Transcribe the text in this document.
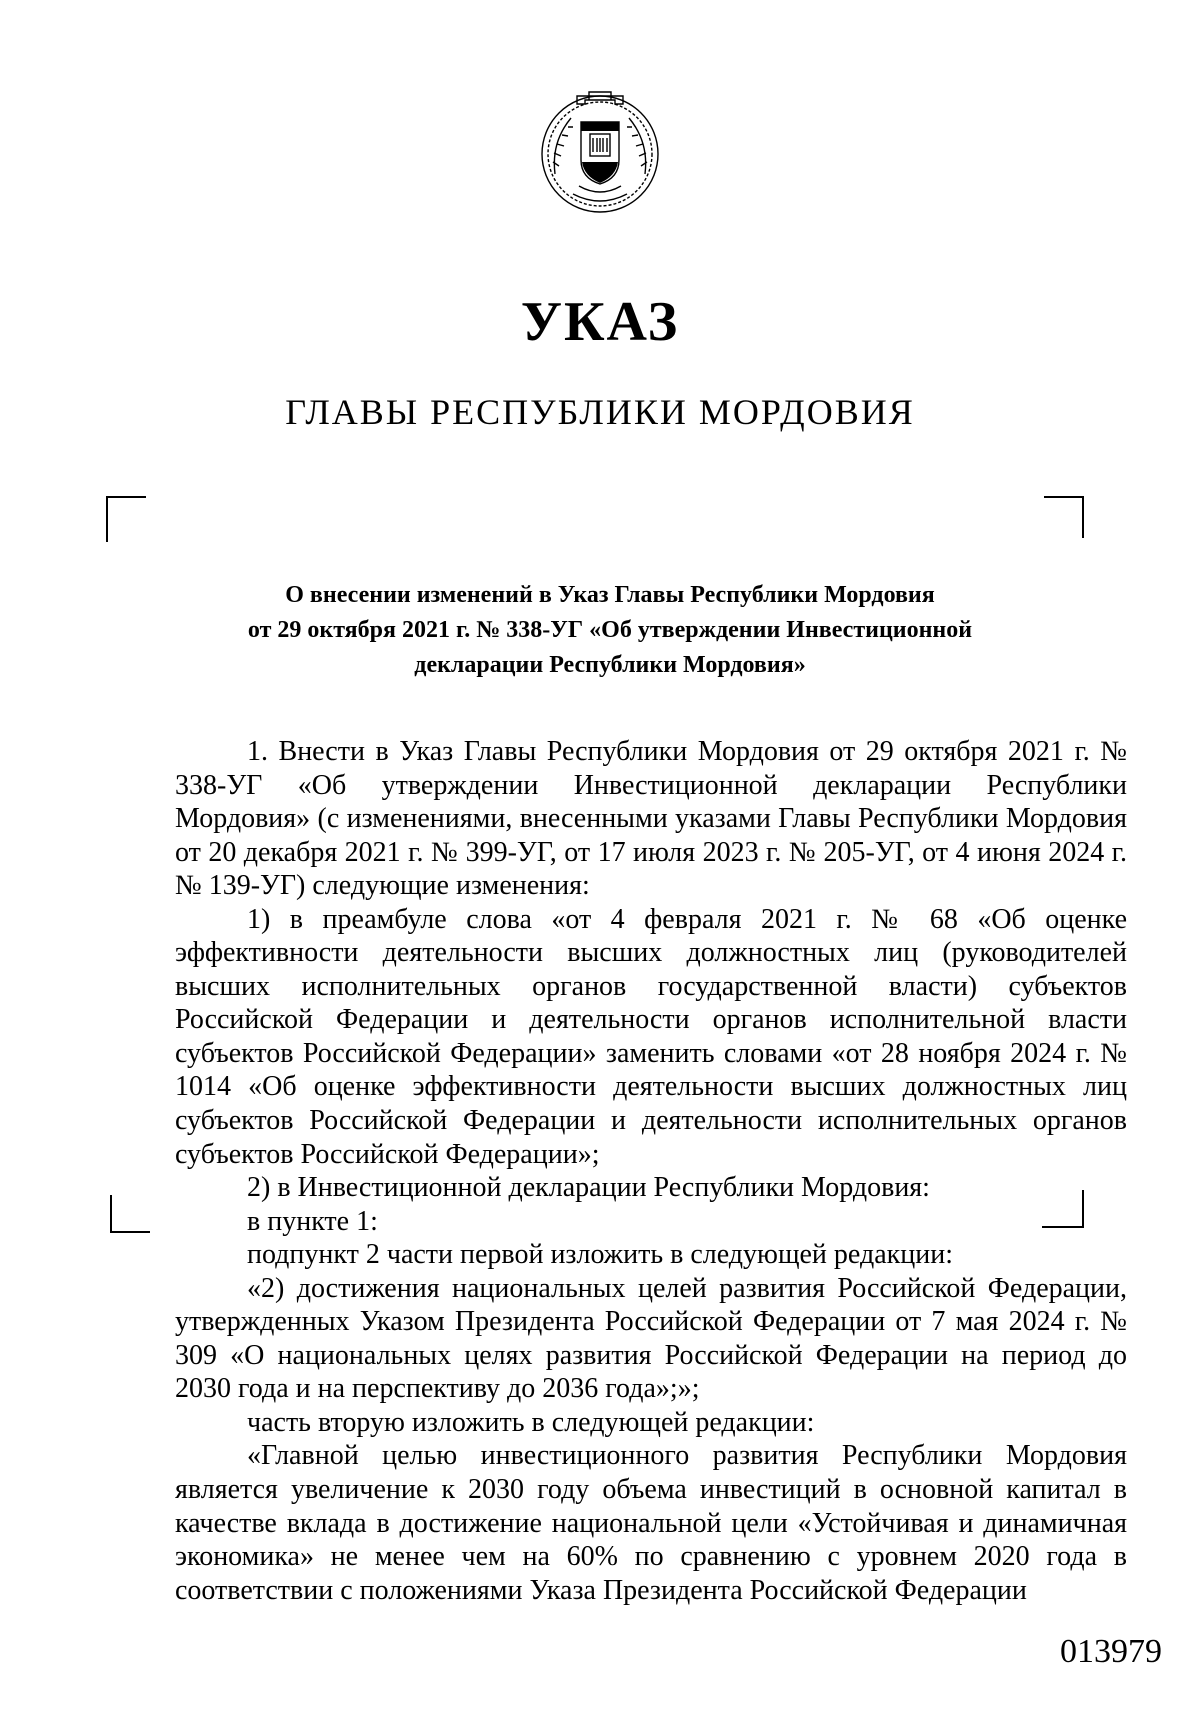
УКАЗ
ГЛАВЫ РЕСПУБЛИКИ МОРДОВИЯ
О внесении изменений в Указ Главы Республики Мордовия
от 29 октября 2021 г. № 338-УГ «Об утверждении Инвестиционной
декларации Республики Мордовия»

1. Внести в Указ Главы Республики Мордовия от 29 октября 2021 г. № 338-УГ «Об утверждении Инвестиционной декларации Республики Мордовия» (с изменениями, внесенными указами Главы Республики Мордовия от 20 декабря 2021 г. № 399-УГ, от 17 июля 2023 г. № 205-УГ, от 4 июня 2024 г. № 139-УГ) следующие изменения:

1) в преамбуле слова «от 4 февраля 2021 г. № 68 «Об оценке эффективности деятельности высших должностных лиц (руководителей высших исполнительных органов государственной власти) субъектов Российской Федерации и деятельности органов исполнительной власти субъектов Российской Федерации» заменить словами «от 28 ноября 2024 г. № 1014 «Об оценке эффективности деятельности высших должностных лиц субъектов Российской Федерации и деятельности исполнительных органов субъектов Российской Федерации»;

2) в Инвестиционной декларации Республики Мордовия:

в пункте 1:

подпункт 2 части первой изложить в следующей редакции:

«2) достижения национальных целей развития Российской Федерации, утвержденных Указом Президента Российской Федерации от 7 мая 2024 г. № 309 «О национальных целях развития Российской Федерации на период до 2030 года и на перспективу до 2036 года»;»;

часть вторую изложить в следующей редакции:

«Главной целью инвестиционного развития Республики Мордовия является увеличение к 2030 году объема инвестиций в основной капитал в качестве вклада в достижение национальной цели «Устойчивая и динамичная экономика» не менее чем на 60% по сравнению с уровнем 2020 года в соответствии с положениями Указа Президента Российской Федерации

013979
